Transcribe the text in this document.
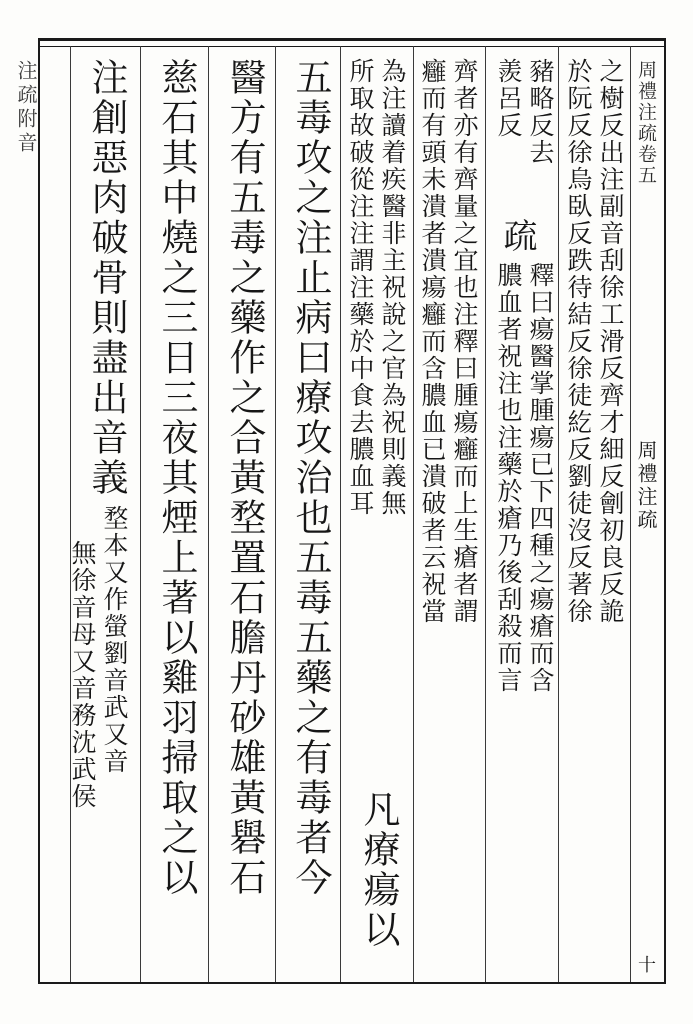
周禮注疏卷五
周禮注疏
十
注疏附音	之樹反出注副音刮徐工滑反齊才細反劊初良反詭
於阮反徐烏臥反跌待結反徐徒紇反劉徒沒反著徐
豬略反去
羨呂反
疏
釋曰瘍醫掌腫瘍已下四種之瘍瘡而含
膿血者祝注也注藥於瘡乃後刮殺而言
齊者亦有齊量之宜也注釋曰腫瘍癰而上生瘡者謂
癰而有頭未潰者潰瘍癰而含膿血已潰破者云祝當
為注讀着疾醫非主祝說之官為祝則義無
所取故破從注注謂注藥於中食去膿血耳
凡療瘍以
五毒攻之注止病曰療攻治也五毒五藥之有毒者今
醫方有五毒之藥作之合黃堥置石膽丹砂雄黃礜石
慈石其中燒之三日三夜其煙上著以雞羽掃取之以
注創惡肉破骨則盡出音義
堥本又作螢劉音武又音
無徐音母又音務沈武侯
